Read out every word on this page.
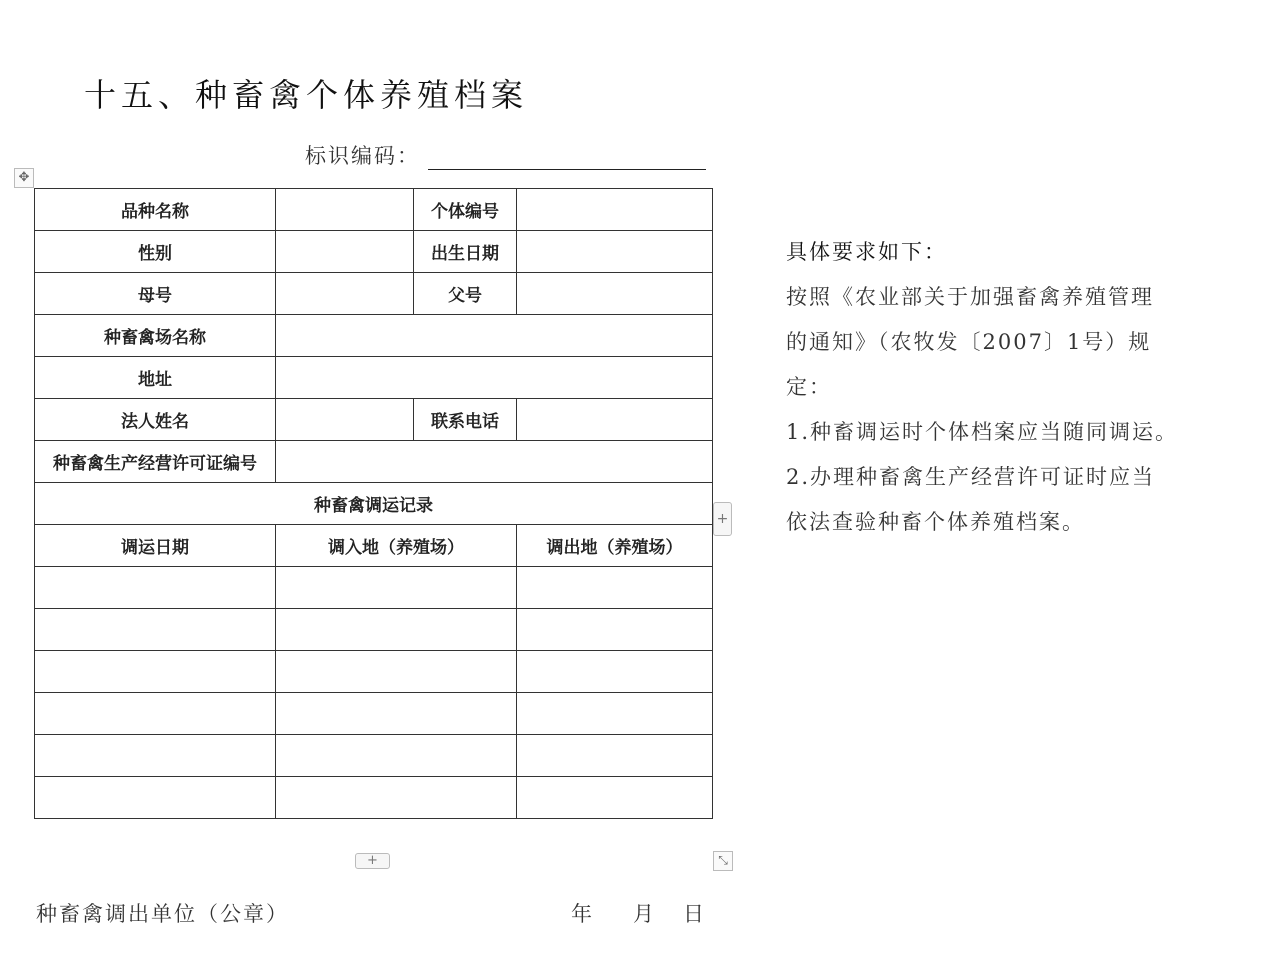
十五、种畜禽个体养殖档案
标识编码：
✥
品种名称		个体编号	
性别		出生日期	
母号		父号	
种畜禽场名称			
地址			
法人姓名		联系电话	
种畜禽生产经营许可证编号			
种畜禽调运记录			
调运日期	调入地（养殖场）		调出地（养殖场）

+
+	⤡
种畜禽调出单位（公章）	年 月 日
具体要求如下：
按照《农业部关于加强畜禽养殖管理
的通知》（农牧发〔2007〕1号）规
定：
1.种畜调运时个体档案应当随同调运。
2.办理种畜禽生产经营许可证时应当
依法查验种畜个体养殖档案。
